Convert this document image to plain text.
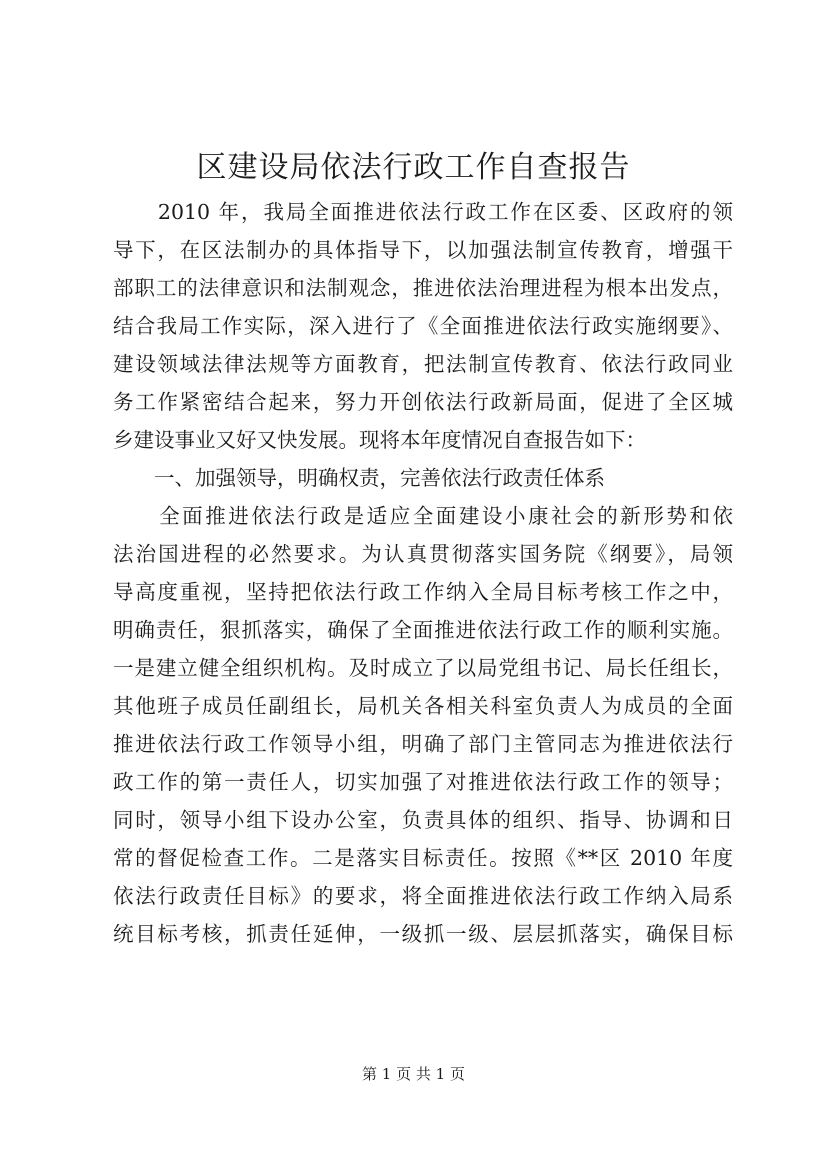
区建设局依法行政工作自查报告
　　2010 年，我局全面推进依法行政工作在区委、区政府的领
导下，在区法制办的具体指导下，以加强法制宣传教育，增强干
部职工的法律意识和法制观念，推进依法治理进程为根本出发点，
结合我局工作实际，深入进行了《全面推进依法行政实施纲要》、
建设领域法律法规等方面教育，把法制宣传教育、依法行政同业
务工作紧密结合起来，努力开创依法行政新局面，促进了全区城
乡建设事业又好又快发展。现将本年度情况自查报告如下：
　　一、加强领导，明确权责，完善依法行政责任体系
　　全面推进依法行政是适应全面建设小康社会的新形势和依
法治国进程的必然要求。为认真贯彻落实国务院《纲要》，局领
导高度重视，坚持把依法行政工作纳入全局目标考核工作之中，
明确责任，狠抓落实，确保了全面推进依法行政工作的顺利实施。
一是建立健全组织机构。及时成立了以局党组书记、局长任组长，
其他班子成员任副组长，局机关各相关科室负责人为成员的全面
推进依法行政工作领导小组，明确了部门主管同志为推进依法行
政工作的第一责任人，切实加强了对推进依法行政工作的领导；
同时，领导小组下设办公室，负责具体的组织、指导、协调和日
常的督促检查工作。二是落实目标责任。按照《**区 2010 年度
依法行政责任目标》的要求，将全面推进依法行政工作纳入局系
统目标考核，抓责任延伸，一级抓一级、层层抓落实，确保目标
第 1 页 共 1 页
